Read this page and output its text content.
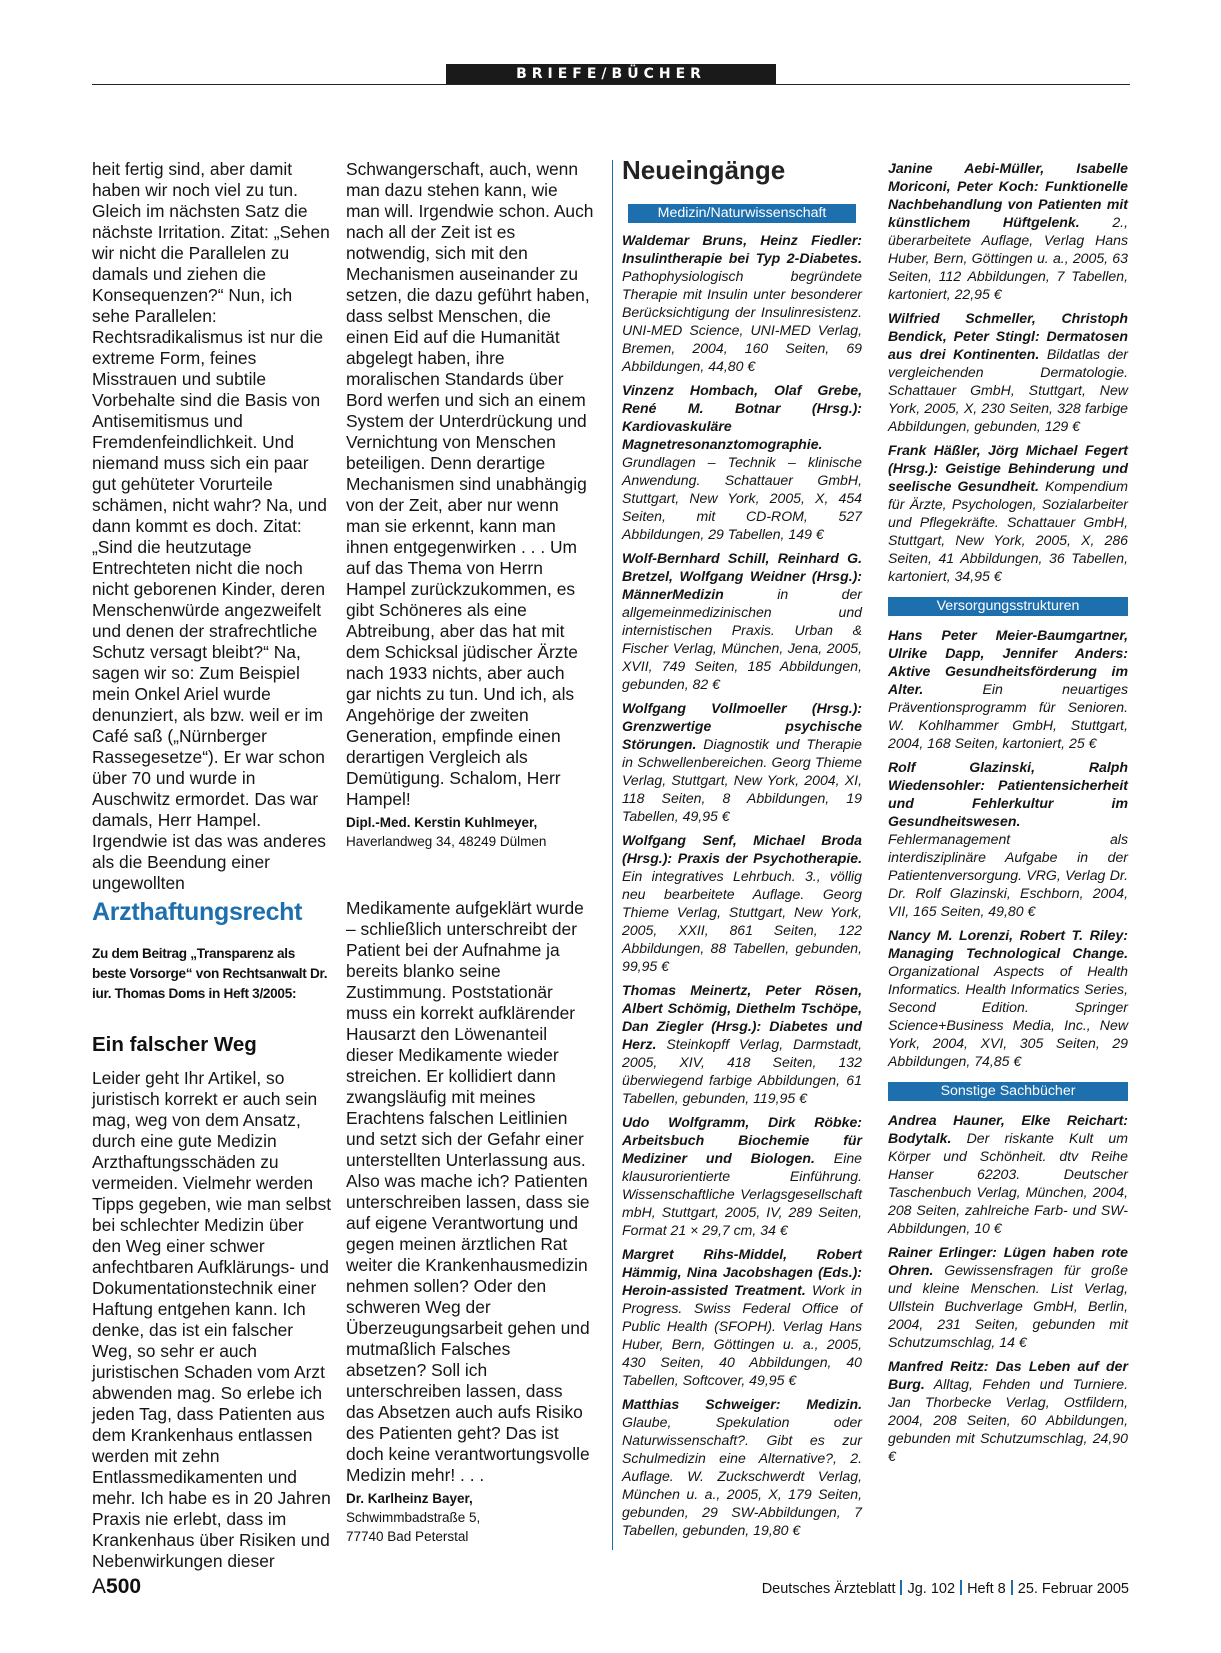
BRIEFE/BÜCHER

heit fertig sind, aber damit haben wir noch viel zu tun. Gleich im nächsten Satz die nächste Irritation. Zitat: „Sehen wir nicht die Parallelen zu damals und ziehen die Konsequenzen?“ Nun, ich sehe Parallelen: Rechtsradikalismus ist nur die extreme Form, feines Misstrauen und subtile Vorbehalte sind die Basis von Antisemitismus und Fremdenfeindlichkeit. Und niemand muss sich ein paar gut gehüteter Vorurteile schämen, nicht wahr? Na, und dann kommt es doch. Zitat: „Sind die heutzutage Entrechteten nicht die noch nicht geborenen Kinder, deren Menschenwürde angezweifelt und denen der strafrechtliche Schutz versagt bleibt?“ Na, sagen wir so: Zum Beispiel mein Onkel Ariel wurde denunziert, als bzw. weil er im Café saß („Nürnberger Rassegesetze“). Er war schon über 70 und wurde in Auschwitz ermordet. Das war damals, Herr Hampel. Irgendwie ist das was anderes als die Beendung einer ungewollten

Schwangerschaft, auch, wenn man dazu stehen kann, wie man will. Irgendwie schon. Auch nach all der Zeit ist es notwendig, sich mit den Mechanismen auseinander zu setzen, die dazu geführt haben, dass selbst Menschen, die einen Eid auf die Humanität abgelegt haben, ihre moralischen Standards über Bord werfen und sich an einem System der Unterdrückung und Vernichtung von Menschen beteiligen. Denn derartige Mechanismen sind unabhängig von der Zeit, aber nur wenn man sie erkennt, kann man ihnen entgegenwirken . . . Um auf das Thema von Herrn Hampel zurückzukommen, es gibt Schöneres als eine Abtreibung, aber das hat mit dem Schicksal jüdischer Ärzte nach 1933 nichts, aber auch gar nichts zu tun. Und ich, als Angehörige der zweiten Generation, empfinde einen derartigen Vergleich als Demütigung. Schalom, Herr Hampel!

Dipl.-Med. Kerstin Kuhlmeyer,

Haverlandweg 34, 48249 Dülmen

Arzthaftungsrecht

Zu dem Beitrag „Transparenz als beste Vorsorge“ von Rechtsanwalt Dr. iur. Thomas Doms in Heft 3/2005:

Ein falscher Weg

Leider geht Ihr Artikel, so juristisch korrekt er auch sein mag, weg von dem Ansatz, durch eine gute Medizin Arzthaftungsschäden zu vermeiden. Vielmehr werden Tipps gegeben, wie man selbst bei schlechter Medizin über den Weg einer schwer anfechtbaren Aufklärungs- und Dokumentationstechnik einer Haftung entgehen kann. Ich denke, das ist ein falscher Weg, so sehr er auch juristischen Schaden vom Arzt abwenden mag. So erlebe ich jeden Tag, dass Patienten aus dem Krankenhaus entlassen werden mit zehn Entlassmedikamenten und mehr. Ich habe es in 20 Jahren Praxis nie erlebt, dass im Krankenhaus über Risiken und Nebenwirkungen dieser

Medikamente aufgeklärt wurde – schließlich unterschreibt der Patient bei der Aufnahme ja bereits blanko seine Zustimmung. Poststationär muss ein korrekt aufklärender Hausarzt den Löwenanteil dieser Medikamente wieder streichen. Er kollidiert dann zwangsläufig mit meines Erachtens falschen Leitlinien und setzt sich der Gefahr einer unterstellten Unterlassung aus. Also was mache ich? Patienten unterschreiben lassen, dass sie auf eigene Verantwortung und gegen meinen ärztlichen Rat weiter die Krankenhausmedizin nehmen sollen? Oder den schweren Weg der Überzeugungsarbeit gehen und mutmaßlich Falsches absetzen? Soll ich unterschreiben lassen, dass das Absetzen auch aufs Risiko des Patienten geht? Das ist doch keine verantwortungsvolle Medizin mehr! . . .

Dr. Karlheinz Bayer,

Schwimmbadstraße 5,

77740 Bad Peterstal

Neueingänge
Medizin/Naturwissenschaft

Waldemar Bruns, Heinz Fiedler: Insulintherapie bei Typ 2-Diabetes. Pathophysiologisch begründete Therapie mit Insulin unter besonderer Berücksichtigung der Insulinresistenz. UNI-MED Science, UNI-MED Verlag, Bremen, 2004, 160 Seiten, 69 Abbildungen, 44,80 €

Vinzenz Hombach, Olaf Grebe, René M. Botnar (Hrsg.): Kardiovaskuläre Magnetresonanztomographie. Grundlagen – Technik – klinische Anwendung. Schattauer GmbH, Stuttgart, New York, 2005, X, 454 Seiten, mit CD-ROM, 527 Abbildungen, 29 Tabellen, 149 €

Wolf-Bernhard Schill, Reinhard G. Bretzel, Wolfgang Weidner (Hrsg.): MännerMedizin in der allgemeinmedizinischen und internistischen Praxis. Urban & Fischer Verlag, München, Jena, 2005, XVII, 749 Seiten, 185 Abbildungen, gebunden, 82 €

Wolfgang Vollmoeller (Hrsg.): Grenzwertige psychische Störungen. Diagnostik und Therapie in Schwellenbereichen. Georg Thieme Verlag, Stuttgart, New York, 2004, XI, 118 Seiten, 8 Abbildungen, 19 Tabellen, 49,95 €

Wolfgang Senf, Michael Broda (Hrsg.): Praxis der Psychotherapie. Ein integratives Lehrbuch. 3., völlig neu bearbeitete Auflage. Georg Thieme Verlag, Stuttgart, New York, 2005, XXII, 861 Seiten, 122 Abbildungen, 88 Tabellen, gebunden, 99,95 €

Thomas Meinertz, Peter Rösen, Albert Schömig, Diethelm Tschöpe, Dan Ziegler (Hrsg.): Diabetes und Herz. Steinkopff Verlag, Darmstadt, 2005, XIV, 418 Seiten, 132 überwiegend farbige Abbildungen, 61 Tabellen, gebunden, 119,95 €

Udo Wolfgramm, Dirk Röbke: Arbeitsbuch Biochemie für Mediziner und Biologen. Eine klausurorientierte Einführung. Wissenschaftliche Verlagsgesellschaft mbH, Stuttgart, 2005, IV, 289 Seiten, Format 21 × 29,7 cm, 34 €

Margret Rihs-Middel, Robert Hämmig, Nina Jacobshagen (Eds.): Heroin-assisted Treatment. Work in Progress. Swiss Federal Office of Public Health (SFOPH). Verlag Hans Huber, Bern, Göttingen u. a., 2005, 430 Seiten, 40 Abbildungen, 40 Tabellen, Softcover, 49,95 €

Matthias Schweiger: Medizin. Glaube, Spekulation oder Naturwissenschaft?. Gibt es zur Schulmedizin eine Alternative?, 2. Auflage. W. Zuckschwerdt Verlag, München u. a., 2005, X, 179 Seiten, gebunden, 29 SW-Abbildungen, 7 Tabellen, gebunden, 19,80 €

Janine Aebi-Müller, Isabelle Moriconi, Peter Koch: Funktionelle Nachbehandlung von Patienten mit künstlichem Hüftgelenk. 2., überarbeitete Auflage, Verlag Hans Huber, Bern, Göttingen u. a., 2005, 63 Seiten, 112 Abbildungen, 7 Tabellen, kartoniert, 22,95 €

Wilfried Schmeller, Christoph Bendick, Peter Stingl: Dermatosen aus drei Kontinenten. Bildatlas der vergleichenden Dermatologie. Schattauer GmbH, Stuttgart, New York, 2005, X, 230 Seiten, 328 farbige Abbildungen, gebunden, 129 €

Frank Häßler, Jörg Michael Fegert (Hrsg.): Geistige Behinderung und seelische Gesundheit. Kompendium für Ärzte, Psychologen, Sozialarbeiter und Pflegekräfte. Schattauer GmbH, Stuttgart, New York, 2005, X, 286 Seiten, 41 Abbildungen, 36 Tabellen, kartoniert, 34,95 €

Versorgungsstrukturen

Hans Peter Meier-Baumgartner, Ulrike Dapp, Jennifer Anders: Aktive Gesundheitsförderung im Alter. Ein neuartiges Präventionsprogramm für Senioren. W. Kohlhammer GmbH, Stuttgart, 2004, 168 Seiten, kartoniert, 25 €

Rolf Glazinski, Ralph Wiedensohler: Patientensicherheit und Fehlerkultur im Gesundheitswesen. Fehlermanagement als interdisziplinäre Aufgabe in der Patientenversorgung. VRG, Verlag Dr. Dr. Rolf Glazinski, Eschborn, 2004, VII, 165 Seiten, 49,80 €

Nancy M. Lorenzi, Robert T. Riley: Managing Technological Change. Organizational Aspects of Health Informatics. Health Informatics Series, Second Edition. Springer Science+Business Media, Inc., New York, 2004, XVI, 305 Seiten, 29 Abbildungen, 74,85 €

Sonstige Sachbücher

Andrea Hauner, Elke Reichart: Bodytalk. Der riskante Kult um Körper und Schönheit. dtv Reihe Hanser 62203. Deutscher Taschenbuch Verlag, München, 2004, 208 Seiten, zahlreiche Farb- und SW-Abbildungen, 10 €

Rainer Erlinger: Lügen haben rote Ohren. Gewissensfragen für große und kleine Menschen. List Verlag, Ullstein Buchverlage GmbH, Berlin, 2004, 231 Seiten, gebunden mit Schutzumschlag, 14 €

Manfred Reitz: Das Leben auf der Burg. Alltag, Fehden und Turniere. Jan Thorbecke Verlag, Ostfildern, 2004, 208 Seiten, 60 Abbildungen, gebunden mit Schutzumschlag, 24,90 €

A500	Deutsches Ärzteblatt Jg. 102 Heft 8 25. Februar 2005
